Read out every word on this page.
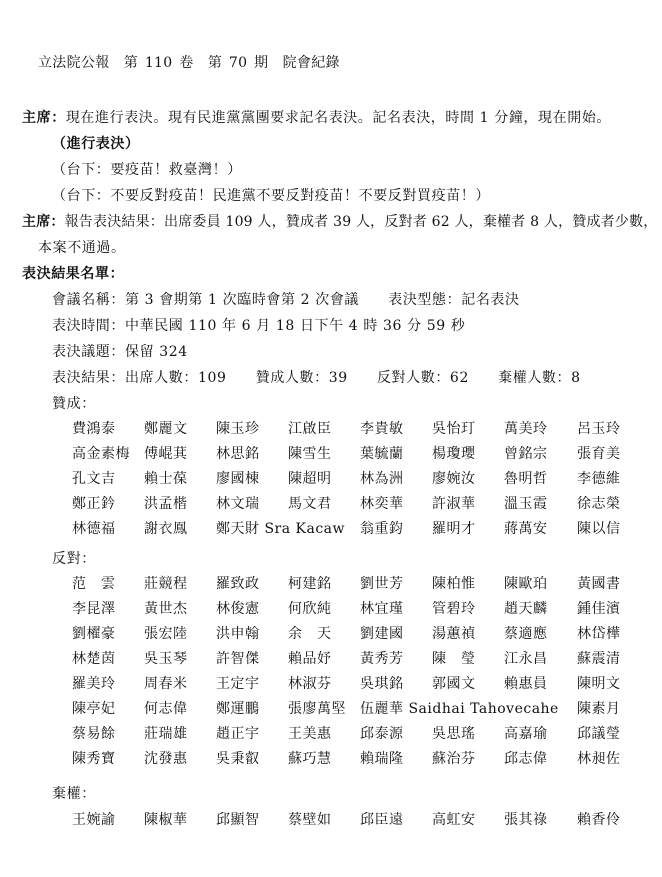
立法院公報　第 110 卷　第 70 期　院會紀錄
主席：現在進行表決。現有民進黨黨團要求記名表決。記名表決，時間 1 分鐘，現在開始。
（進行表決）
（台下：要疫苗！救臺灣！）
（台下：不要反對疫苗！民進黨不要反對疫苗！不要反對買疫苗！）
主席：報告表決結果：出席委員 109 人，贊成者 39 人，反對者 62 人，棄權者 8 人，贊成者少數，
本案不通過。
表決結果名單：
會議名稱：第 3 會期第 1 次臨時會第 2 次會議　　表決型態：記名表決
表決時間：中華民國 110 年 6 月 18 日下午 4 時 36 分 59 秒
表決議題：保留 324
表決結果：出席人數：109　　贊成人數：39　　反對人數：62　　棄權人數：8
贊成：
費鴻泰 鄭麗文 陳玉珍 江啟臣 李貴敏 吳怡玎 萬美玲 呂玉玲
高金素梅 傅崐萁 林思銘 陳雪生 葉毓蘭 楊瓊瓔 曾銘宗 張育美
孔文吉 賴士葆 廖國棟 陳超明 林為洲 廖婉汝 魯明哲 李德維
鄭正鈐 洪孟楷 林文瑞 馬文君 林奕華 許淑華 溫玉霞 徐志榮
林德福 謝衣鳯 鄭天財 Sra Kacaw 翁重鈞 羅明才 蔣萬安 陳以信
反對：
范　雲 莊競程 羅致政 柯建銘 劉世芳 陳柏惟 陳歐珀 黃國書
李昆澤 黃世杰 林俊憲 何欣純 林宜瑾 管碧玲 趙天麟 鍾佳濱
劉櫂豪 張宏陸 洪申翰 余　天 劉建國 湯蕙禎 蔡適應 林岱樺
林楚茵 吳玉琴 許智傑 賴品妤 黃秀芳 陳　瑩 江永昌 蘇震清
羅美玲 周春米 王定宇 林淑芬 吳琪銘 郭國文 賴惠員 陳明文
陳亭妃 何志偉 鄭運鵬 張廖萬堅 伍麗華 Saidhai Tahovecahe 陳素月
蔡易餘 莊瑞雄 趙正宇 王美惠 邱泰源 吳思瑤 高嘉瑜 邱議瑩
陳秀寶 沈發惠 吳秉叡 蘇巧慧 賴瑞隆 蘇治芬 邱志偉 林昶佐
棄權：
王婉諭 陳椒華 邱顯智 蔡壁如 邱臣遠 高虹安 張其祿 賴香伶
